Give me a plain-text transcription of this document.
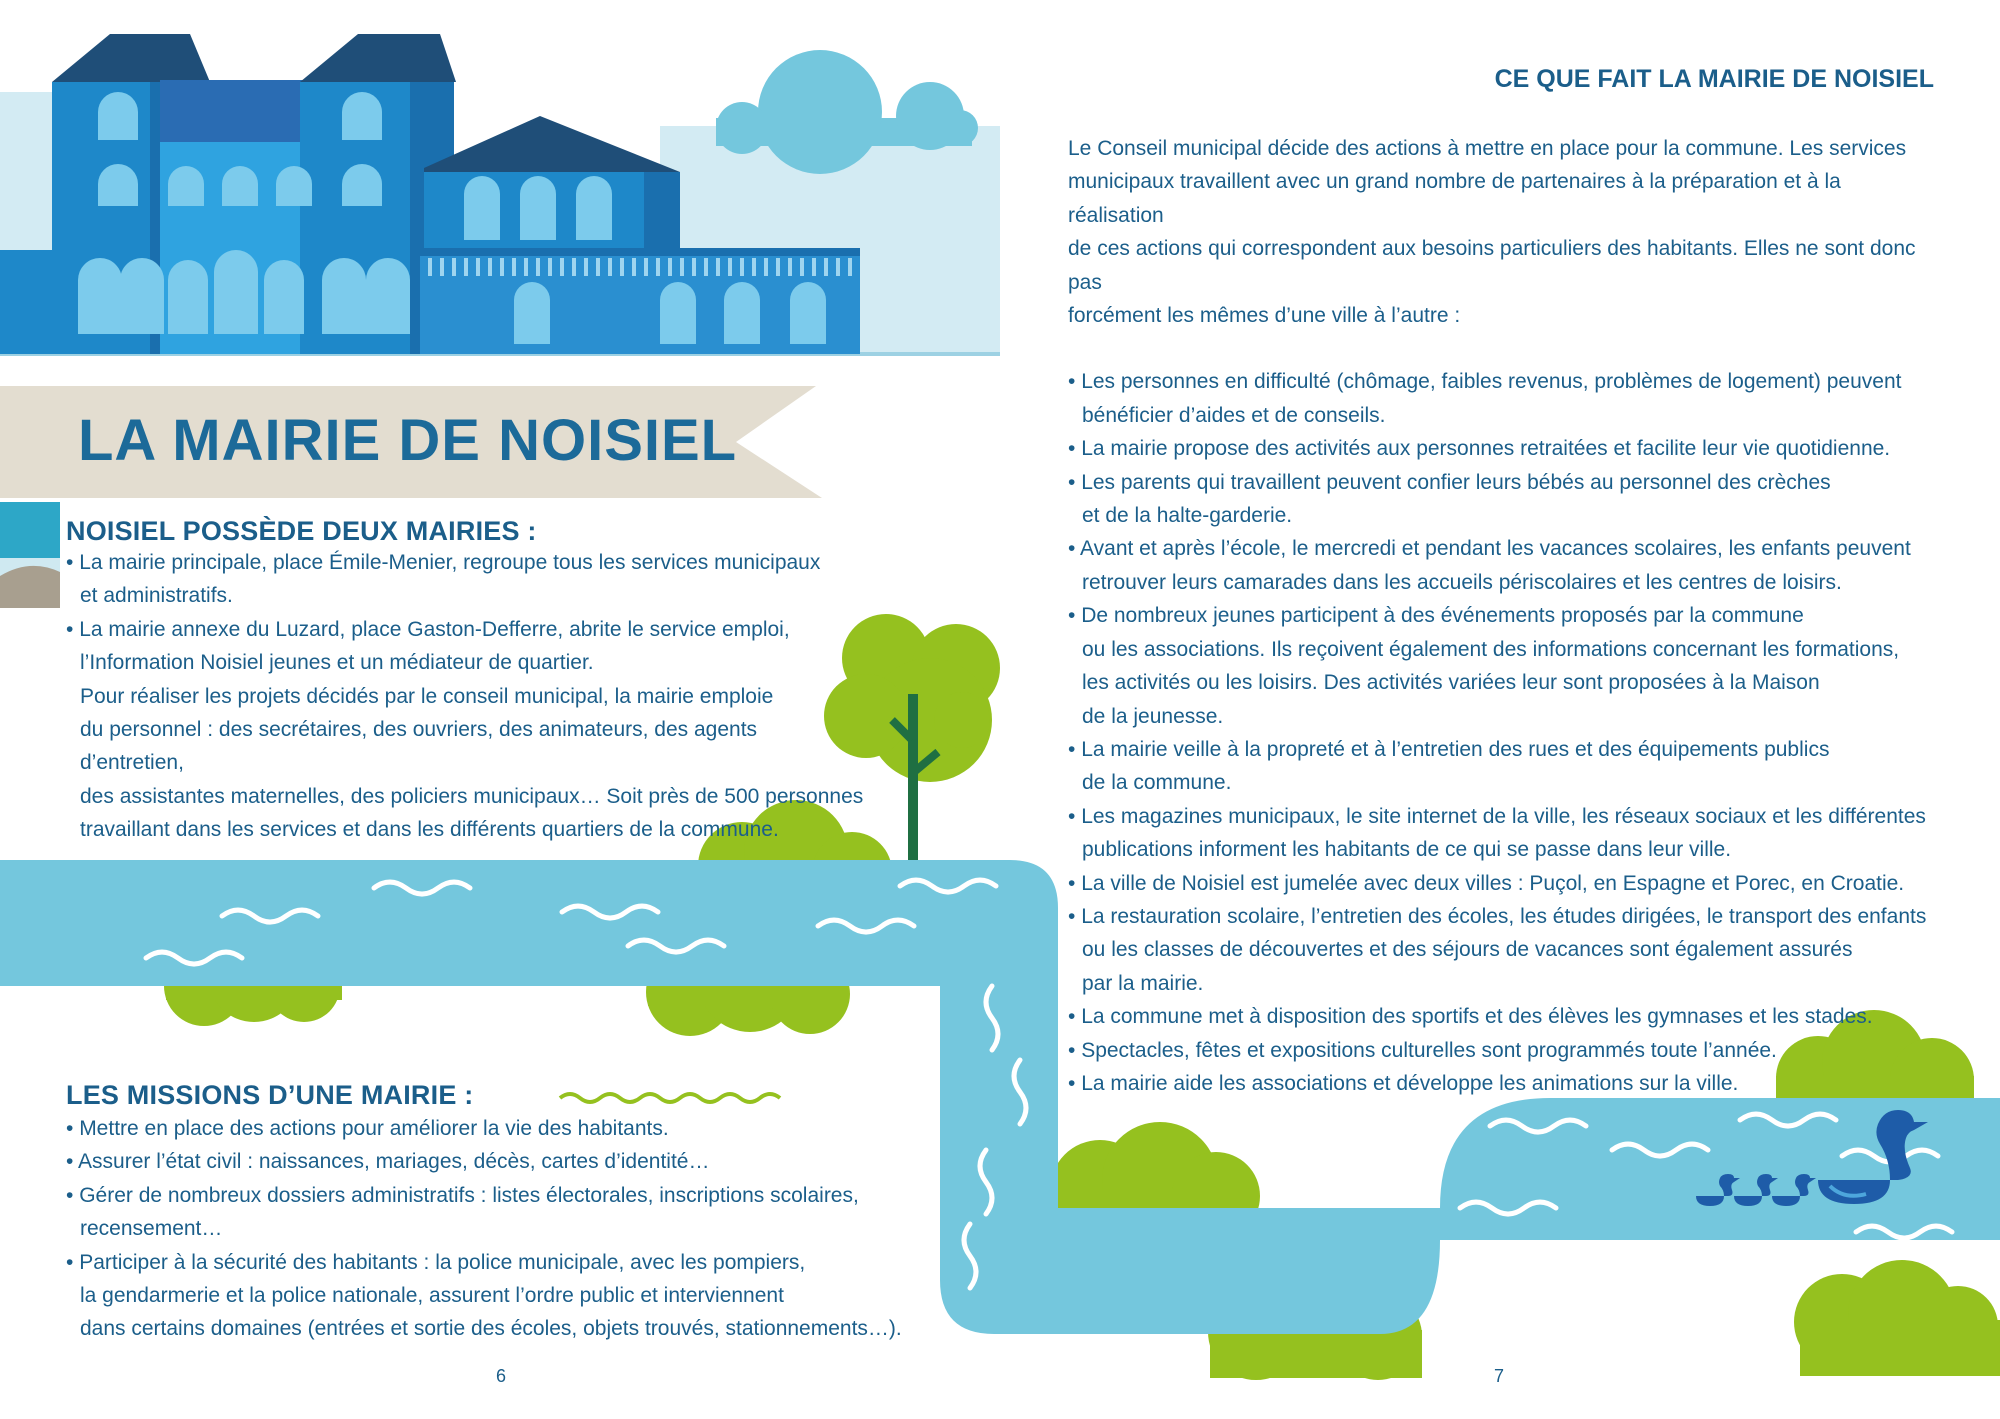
LA MAIRIE DE NOISIEL
NOISIEL POSSÈDE DEUX MAIRIES :

• La mairie principale, place Émile-Menier, regroupe tous les services municipaux

et administratifs.

• La mairie annexe du Luzard, place Gaston-Defferre, abrite le service emploi,

l’Information Noisiel jeunes et un médiateur de quartier.

Pour réaliser les projets décidés par le conseil municipal, la mairie emploie

du personnel : des secrétaires, des ouvriers, des animateurs, des agents d’entretien,

des assistantes maternelles, des policiers municipaux… Soit près de 500 personnes

travaillant dans les services et dans les différents quartiers de la commune.

LES MISSIONS D’UNE MAIRIE :

• Mettre en place des actions pour améliorer la vie des habitants.

• Assurer l’état civil : naissances, mariages, décès, cartes d’identité…

• Gérer de nombreux dossiers administratifs : listes électorales, inscriptions scolaires,

recensement…

• Participer à la sécurité des habitants : la police municipale, avec les pompiers,

la gendarmerie et la police nationale, assurent l’ordre public et interviennent

dans certains domaines (entrées et sortie des écoles, objets trouvés, stationnements…).

6
CE QUE FAIT LA MAIRIE DE NOISIEL

Le Conseil municipal décide des actions à mettre en place pour la commune. Les services

municipaux travaillent avec un grand nombre de partenaires à la préparation et à la réalisation

de ces actions qui correspondent aux besoins particuliers des habitants. Elles ne sont donc pas

forcément les mêmes d’une ville à l’autre :

• Les personnes en difficulté (chômage, faibles revenus, problèmes de logement) peuvent

bénéficier d’aides et de conseils.

• La mairie propose des activités aux personnes retraitées et facilite leur vie quotidienne.

• Les parents qui travaillent peuvent confier leurs bébés au personnel des crèches

et de la halte-garderie.

• Avant et après l’école, le mercredi et pendant les vacances scolaires, les enfants peuvent

retrouver leurs camarades dans les accueils périscolaires et les centres de loisirs.

• De nombreux jeunes participent à des événements proposés par la commune

ou les associations. Ils reçoivent également des informations concernant les formations,

les activités ou les loisirs. Des activités variées leur sont proposées à la Maison

de la jeunesse.

• La mairie veille à la propreté et à l’entretien des rues et des équipements publics

de la commune.

• Les magazines municipaux, le site internet de la ville, les réseaux sociaux et les différentes

publications informent les habitants de ce qui se passe dans leur ville.

• La ville de Noisiel est jumelée avec deux villes : Puçol, en Espagne et Porec, en Croatie.

• La restauration scolaire, l’entretien des écoles, les études dirigées, le transport des enfants

ou les classes de découvertes et des séjours de vacances sont également assurés

par la mairie.

• La commune met à disposition des sportifs et des élèves les gymnases et les stades.

• Spectacles, fêtes et expositions culturelles sont programmés toute l’année.

• La mairie aide les associations et développe les animations sur la ville.

7
